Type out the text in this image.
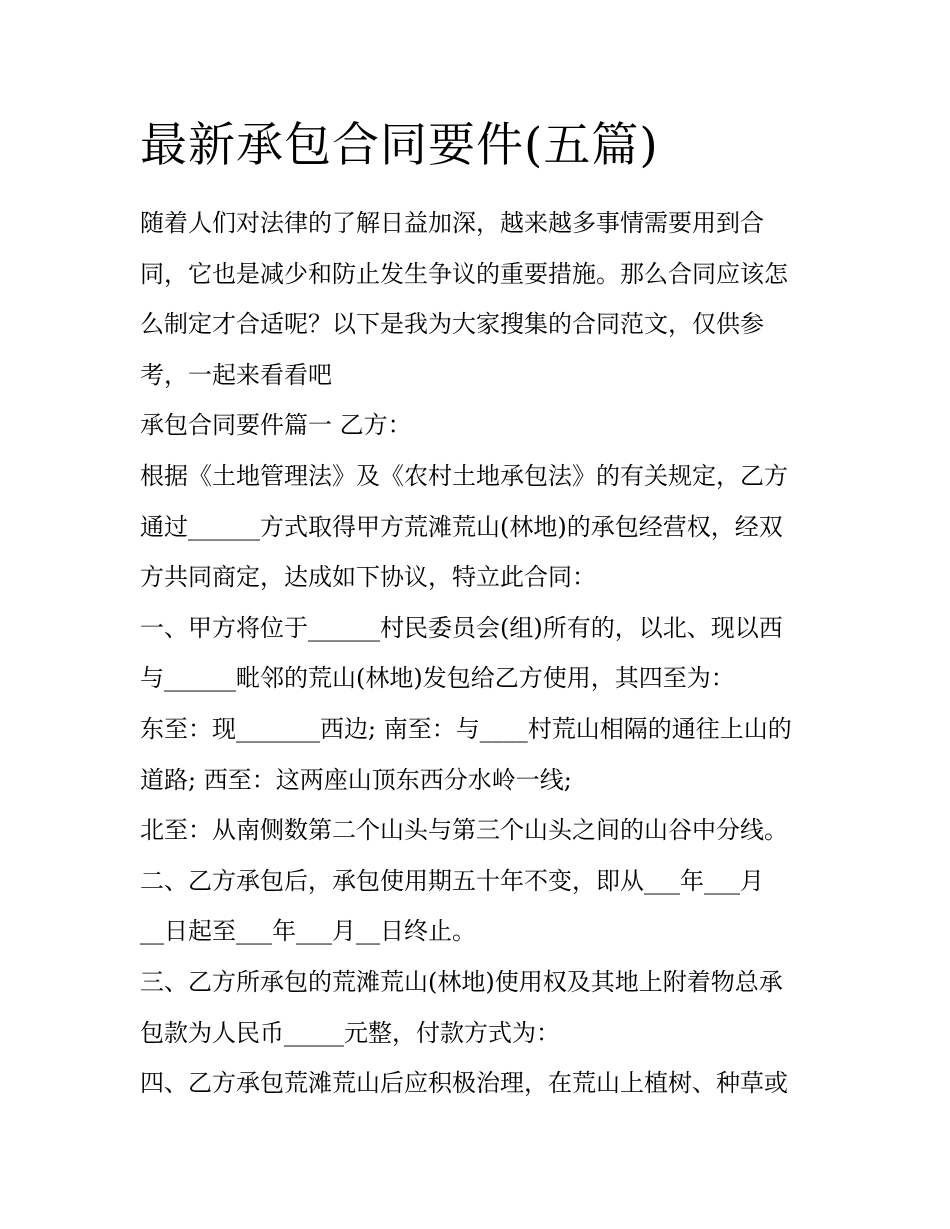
最新承包合同要件(五篇)
随着人们对法律的了解日益加深，越来越多事情需要用到合
同，它也是减少和防止发生争议的重要措施。那么合同应该怎
么制定才合适呢？以下是我为大家搜集的合同范文，仅供参
考，一起来看看吧
承包合同要件篇一 乙方：
根据《土地管理法》及《农村土地承包法》的有关规定，乙方
通过______方式取得甲方荒滩荒山(林地)的承包经营权，经双
方共同商定，达成如下协议，特立此合同：
一、甲方将位于______村民委员会(组)所有的，以北、现以西
与______毗邻的荒山(林地)发包给乙方使用，其四至为：
东至：现_______西边; 南至：与____村荒山相隔的通往上山的
道路; 西至：这两座山顶东西分水岭一线;
北至：从南侧数第二个山头与第三个山头之间的山谷中分线。
二、乙方承包后，承包使用期五十年不变，即从___年___月
__日起至___年___月__日终止。
三、乙方所承包的荒滩荒山(林地)使用权及其地上附着物总承
包款为人民币_____元整，付款方式为：
四、乙方承包荒滩荒山后应积极治理，在荒山上植树、种草或
